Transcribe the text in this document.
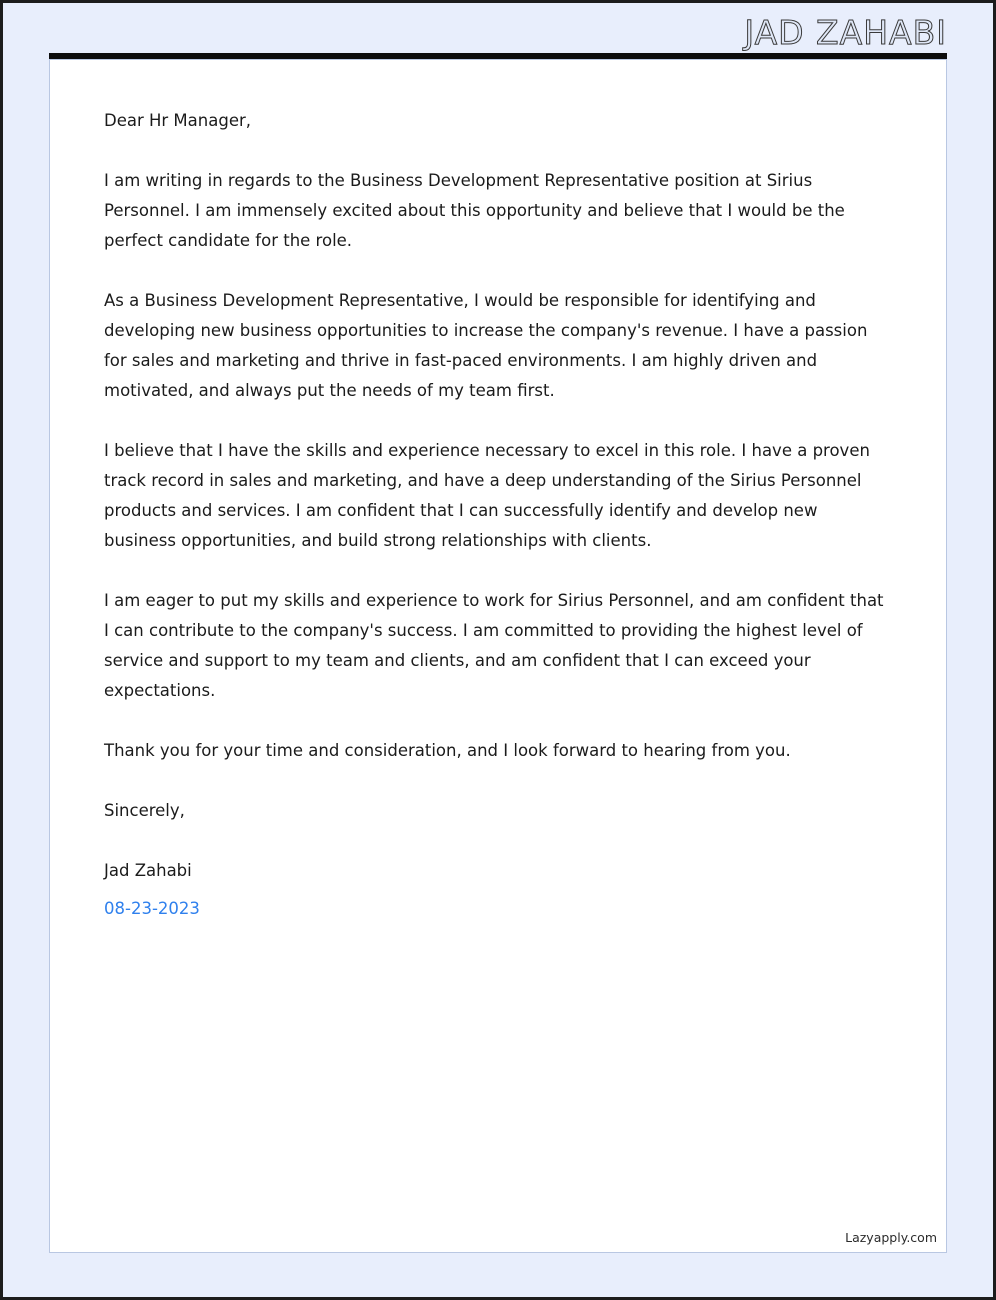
JAD ZAHABI

Dear Hr Manager,

I am writing in regards to the Business Development Representative position at Sirius Personnel. I am immensely excited about this opportunity and believe that I would be the perfect candidate for the role.

As a Business Development Representative, I would be responsible for identifying and developing new business opportunities to increase the company's revenue. I have a passion for sales and marketing and thrive in fast-paced environments. I am highly driven and motivated, and always put the needs of my team first.

I believe that I have the skills and experience necessary to excel in this role. I have a proven track record in sales and marketing, and have a deep understanding of the Sirius Personnel products and services. I am confident that I can successfully identify and develop new business opportunities, and build strong relationships with clients.

I am eager to put my skills and experience to work for Sirius Personnel, and am confident that I can contribute to the company's success. I am committed to providing the highest level of service and support to my team and clients, and am confident that I can exceed your expectations.

Thank you for your time and consideration, and I look forward to hearing from you.

Sincerely,

Jad Zahabi

08-23-2023

Lazyapply.com
